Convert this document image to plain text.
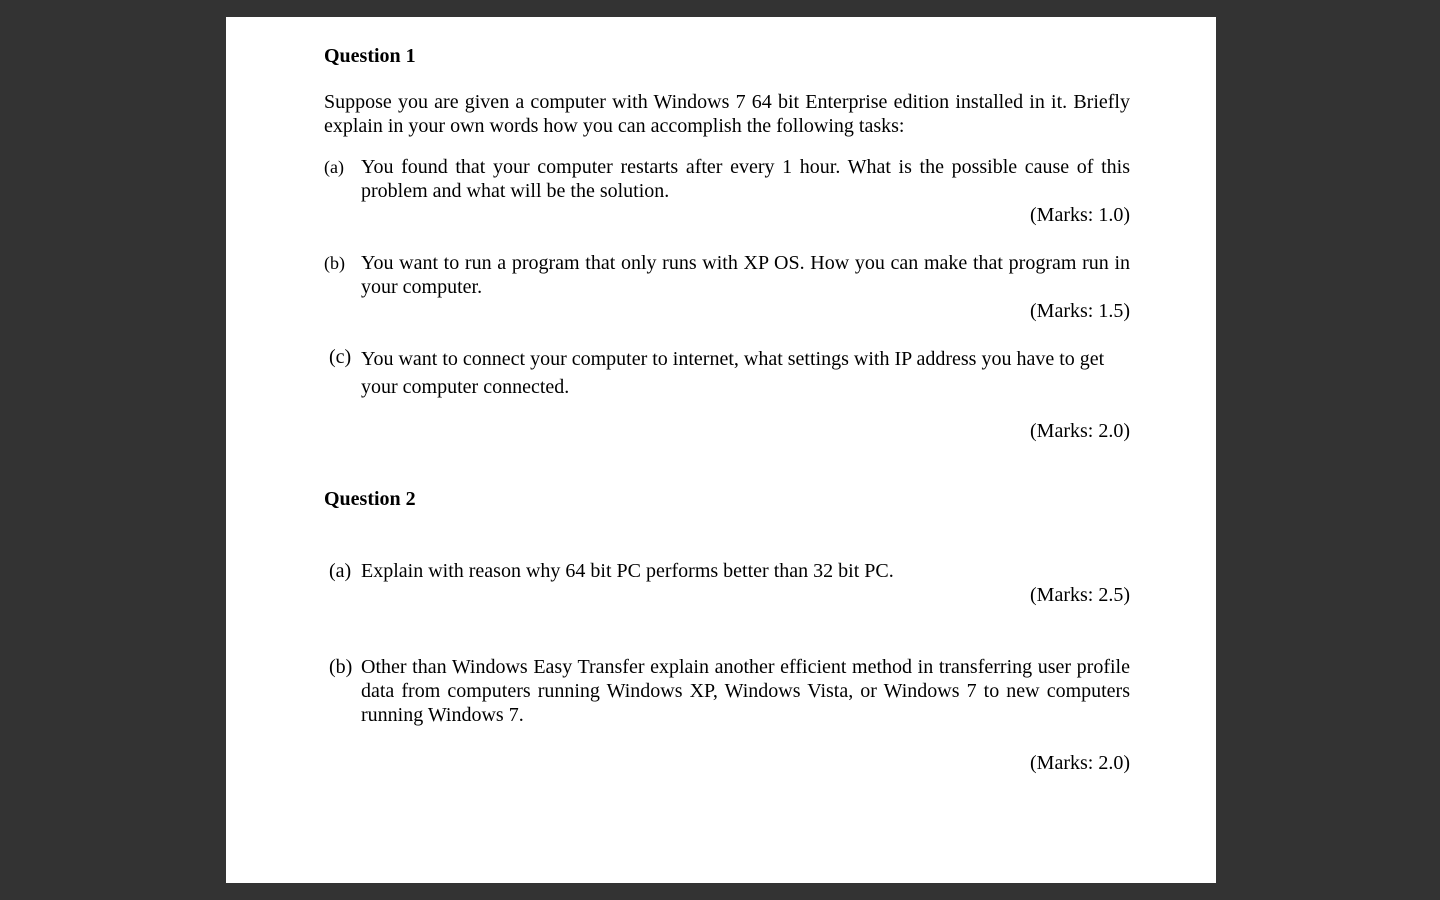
Question 1
Suppose you are given a computer with Windows 7 64 bit Enterprise edition installed in it. Briefly explain in your own words how you can accomplish the following tasks:
(a) You found that your computer restarts after every 1 hour. What is the possible cause of this problem and what will be the solution.
(Marks: 1.0)
(b) You want to run a program that only runs with XP OS. How you can make that program run in your computer.
(Marks: 1.5)
(c) You want to connect your computer to internet, what settings with IP address you have to get your computer connected.
(Marks: 2.0)
Question 2
(a) Explain with reason why 64 bit PC performs better than 32 bit PC.
(Marks: 2.5)
(b) Other than Windows Easy Transfer explain another efficient method in transferring user profile data from computers running Windows XP, Windows Vista, or Windows 7 to new computers running Windows 7.
(Marks: 2.0)
